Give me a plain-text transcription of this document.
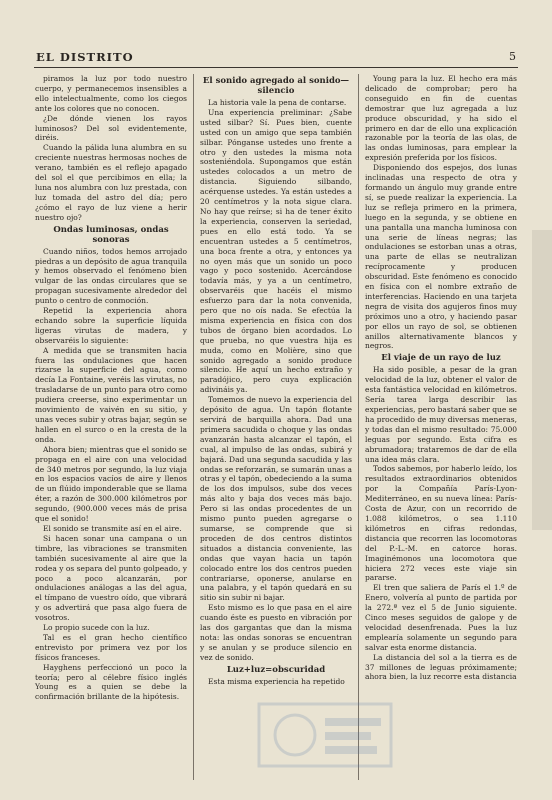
EL DISTRITO	5

piramos la luz por todo nuestro cuerpo, y permanecemos insensibles a ello intelectualmente, como los ciegos ante los colores que no conocen.

¿De dónde vienen los rayos luminosos? Del sol evidentemente, diréis.

Cuando la pálida luna alumbra en su creciente nuestras hermosas noches de verano, también es el reflejo apagado del sol el que percibimos en ella; la luna nos alumbra con luz prestada, con luz tomada del astro del día; pero ¿cómo el rayo de luz viene a herir nuestro ojo?

Ondas luminosas, ondas sonoras

Cuando niños, todos hemos arrojado piedras a un depósito de agua tranquila y hemos observado el fenómeno bien vulgar de las ondas circulares que se propagan sucesivamente alrededor del punto o centro de conmoción.

Repetid la experiencia ahora echando sobre la superficie líquida ligeras virutas de madera, y observaréis lo siguiente:

A medida que se transmiten hacia fuera las ondulaciones que hacen rizarse la superficie del agua, como decía La Fontaine, veréis las virutas, no trasladarse de un punto para otro como pudiera creerse, sino experimentar un movimiento de vaivén en su sitio, y unas veces subir y otras bajar, según se hallen en el surco o en la cresta de la onda.

Ahora bien; mientras que el sonido se propaga en el aire con una velocidad de 340 metros por segundo, la luz viaja en los espacios vacíos de aire y llenos de un flúido imponderable que se llama éter, a razón de 300.000 kilómetros por segundo, (900.000 veces más de prisa que el sonido!

El sonido se transmite así en el aire.

Si hacen sonar una campana o un timbre, las vibraciones se transmiten también sucesivamente al aire que la rodea y os separa del punto golpeado, y poco a poco alcanzarán, por ondulaciones análogas a las del agua, el tímpano de vuestro oído, que vibrará y os advertirá que pasa algo fuera de vosotros.

Lo propio sucede con la luz.

Tal es el gran hecho científico entrevisto por primera vez por los físicos franceses.

Hayghens perfeccionó un poco la teoría; pero al célebre físico inglés Young es a quien se debe la confirmación brillante de la hipótesis.

El sonido agregado al sonido—silencio

La historia vale la pena de contarse.

Una experiencia preliminar: ¿Sabe usted silbar? Sí. Pues bien, cuente usted con un amigo que sepa también silbar. Pónganse ustedes uno frente a otro y den ustedes la misma nota sosteniéndola. Supongamos que están ustedes colocados a un metro de distancia. Siguiendo silbando, acérquense ustedes. Ya están ustedes a 20 centímetros y la nota sigue clara. No hay que reírse; si ha de tener éxito la experiencia, conserven la seriedad, pues en ello está todo. Ya se encuentran ustedes a 5 centímetros, una boca frente a otra, y entonces ya no oyen más que un sonido un poco vago y poco sostenido. Acercándose todavía más, y ya a un centímetro, observaréis que hacéis el mismo esfuerzo para dar la nota convenida, pero que no oís nada. Se efectúa la misma experiencia en física con dos tubos de órgano bien acordados. Lo que prueba, no que vuestra hija es muda, como en Molière, sino que sonido agregado a sonido produce silencio. He aquí un hecho extraño y paradójico, pero cuya explicación adivináis ya.

Tomemos de nuevo la experiencia del depósito de agua. Un tapón flotante servirá de barquilla ahora. Dad una primera sacudida o choque y las ondas avanzarán hasta alcanzar el tapón, el cual, al impulso de las ondas, subirá y bajará. Dad una segunda sacudida y las ondas se reforzarán, se sumarán unas a otras y el tapón, obedeciendo a la suma de los dos impulsos, sube dos veces más alto y baja dos veces más bajo. Pero si las ondas procedentes de un mismo punto pueden agregarse o sumarse, se comprende que si proceden de dos centros distintos situados a distancia conveniente, las ondas que vayan hacia un tapón colocado entre los dos centros pueden contrariarse, oponerse, anularse en una palabra, y el tapón quedará en su sitio sin subir ni bajar.

Esto mismo es lo que pasa en el aire cuando éste es puesto en vibración por las dos gargantas que dan la misma nota: las ondas sonoras se encuentran y se anulan y se produce silencio en vez de sonido.

Luz+luz=obscuridad

Esta misma experiencia ha repetido

Young para la luz. El hecho era más delicado de comprobar; pero ha conseguido en fin de cuentas demostrar que luz agregada a luz produce obscuridad, y ha sido el primero en dar de ello una explicación razonable por la teoría de las olas, de las ondas luminosas, para emplear la expresión preferida por los físicos.

Disponiendo dos espejos, dos lunas inclinadas una respecto de otra y formando un ángulo muy grande entre sí, se puede realizar la experiencia. La luz se refleja primero en la primera, luego en la segunda, y se obtiene en una pantalla una mancha luminosa con una serie de líneas negras; las ondulaciones se estorban unas a otras, una parte de ellas se neutralizan recíprocamente y producen obscuridad. Este fenómeno es conocido en física con el nombre extraño de interferencias. Haciendo en una tarjeta negra de visita dos agujeros finos muy próximos uno a otro, y haciendo pasar por ellos un rayo de sol, se obtienen anillos alternativamente blancos y negros.

El viaje de un rayo de luz

Ha sido posible, a pesar de la gran velocidad de la luz, obtener el valor de esta fantástica velocidad en kilómetros. Sería tarea larga describir las experiencias, pero bastará saber que se ha procedido de muy diversas meneras, y todas dan el mismo resultado: 75.000 leguas por segundo. Esta cifra es abrumadora; trataremos de dar de ella una idea más clara.

Todos sabemos, por haberlo leído, los resultados extraordinarios obtenidos por la Compañía París-Lyon-Mediterráneo, en su nueva línea: París-Costa de Azur, con un recorrido de 1.088 kilómetros, o sea 1.110 kilómetros en cifras redondas, distancia que recorren las locomotoras del P.-L.-M. en catorce horas. Imaginémonos una locomotora que hiciera 272 veces este viaje sin pararse.

El tren que saliera de París el 1.º de Enero, volvería al punto de partida por la 272.ª vez el 5 de Junio siguiente. Cinco meses seguidos de galope y de velocidad desenfrenada. Pues la luz emplearía solamente un segundo para salvar esta enorme distancia.

La distancia del sol a la tierra es de 37 millones de leguas próximamente; ahora bien, la luz recorre esta distancia
